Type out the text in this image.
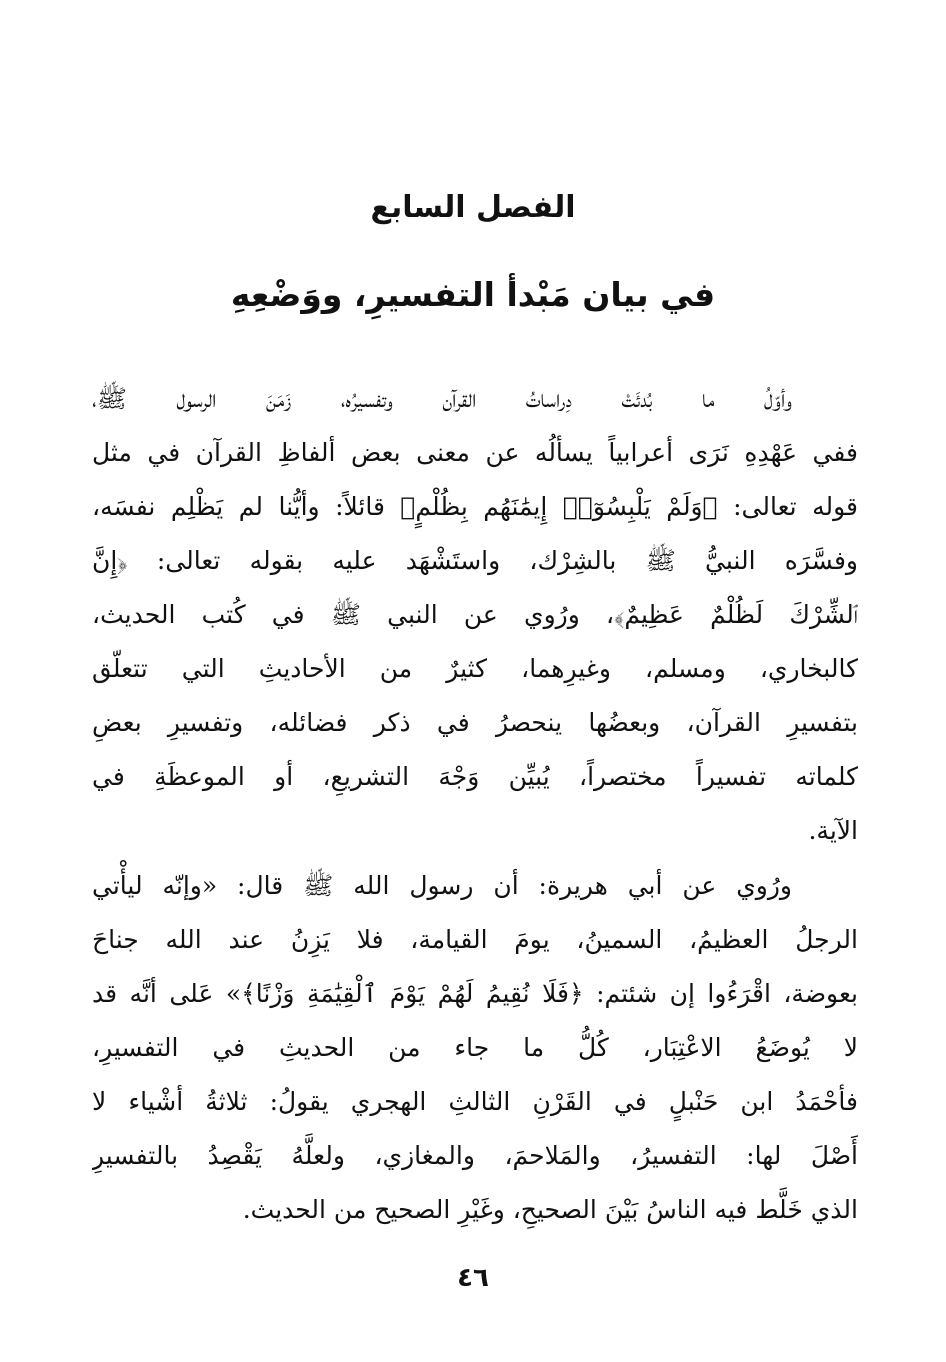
الفصل السابع
في بيان مَبْدأ التفسيرِ، ووَضْعِهِ
وأوّلُ ما بُدئَتْ دِراساتُ القرآن وتفسيرُه، زَمَنَ الرسول ﷺ،
ففي عَهْدِهِ نَرَى أعرابياً يسألُه عن معنى بعض ألفاظِ القرآن في مثل
قوله تعالى: ﴿وَلَمْ يَلْبِسُوٓا۟ إِيمَٰنَهُم بِظُلْمٍ﴾ قائلاً: وأيُّنا لم يَظْلِم نفسَه،
وفسَّرَه النبيُّ ﷺ بالشِرْك، واستَشْهَد عليه بقوله تعالى: ﴿إِنَّ
ٱلشِّرْكَ لَظُلْمٌ عَظِيمٌ﴾، ورُوي عن النبي ﷺ في كُتب الحديث،
كالبخاري، ومسلم، وغيرِهما، كثيرٌ من الأحاديثِ التي تتعلّق
بتفسيرِ القرآن، وبعضُها ينحصرُ في ذكر فضائله، وتفسيرِ بعضِ
كلماته تفسيراً مختصراً، يُبيِّن وَجْهَ التشريعِ، أو الموعظَةِ في
الآية.
ورُوي عن أبي هريرة: أن رسول الله ﷺ قال: «وإنّه ليأْتي
الرجلُ العظيمُ، السمينُ، يومَ القيامة، فلا يَزِنُ عند الله جناحَ
بعوضة، اقْرَءُوا إن شئتم: ﴿فَلَا نُقِيمُ لَهُمْ يَوْمَ ٱلْقِيَٰمَةِ وَزْنًا﴾» عَلى أنَّه قد
لا يُوضَعُ الاعْتِبَار، كُلُّ ما جاء من الحديثِ في التفسيرِ،
فأحْمَدُ ابن حَنْبلٍ في القَرْنِ الثالثِ الهجري يقولُ: ثلاثةُ أشْياء لا
أَصْلَ لها: التفسيرُ، والمَلاحمَ، والمغازي، ولعلَّهُ يَقْصِدُ بالتفسيرِ
الذي خَلَّط فيه الناسُ بَيْنَ الصحيحِ، وغَيْرِ الصحيح من الحديث.
٤٦
